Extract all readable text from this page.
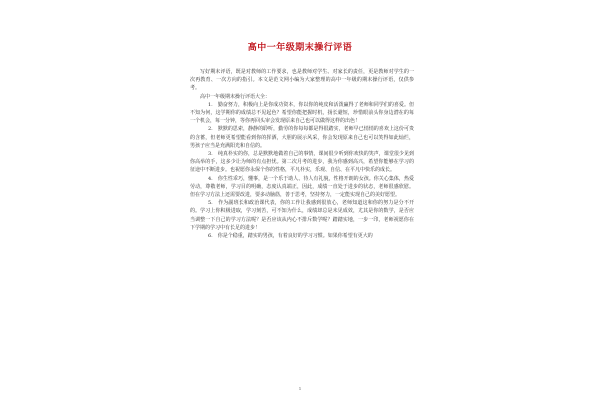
高中一年级期末操行评语

写好期末评语，既是对教师的工作要求，也是教师对学生、对家长的责任，更是教师对学生的一次再教育、一次方向的指引。本文是范文网小编为大家整理的高中一年级的期末操行评语，仅供参考。

高中一年级期末操行评语大全：

1.　勤奋努力，积极向上是你成功资本，你以你的纯皮和活泼赢得了老师和同学们的喜爱。但不知为何，这学期你的成绩总不见起色？希望你能把握时机，扬长避短，珍惜眼前头你身边潜在的每一个机会，每一分钟，等你再回头审会发现原来自己也可以做得这样的出色！

2.　默默的思索，静静的聆听，勤劳的你每每都是得很踏实，老师早已悄悄的喜欢上这份可贵的含蓄，但老师更希望能看到你的挥洒，大胆的展示风采，你会发现原来自己也可以笑得如此灿烂，男孩子应当是充满阳光和自信的。

3.　纯真朴实的你，总是默默地做着自己的事情，课间很少听到你欢快的笑声，课堂很少见到你高举的手，这多少让为师的有点担忧。第二次月考的进步，我为你感到高兴，希望你能够在学习的征途中不断进步。也祝愿你永保个你的性格，平凡朴实，乐观、自信、在平凡中快乐的成长。

4.　你生性乖巧，懂事，是一个乐于助人、待人有礼貌，性格开朗的女孩。你关心集体，热爱劳动，尊敬老师，学习目的明确，态度认真端正，因此，成绩一直处于进步的状态，老师很感欣慰。但在学习方法上还需要改进，要多动脑筋，善于思考，坚持努力，一定能实现自己的美好愿望。

5.　作为副班长和政治课代表，你的工作让我感到很放心，老师知道这和你的努力是分不开的。学习上你积极进取，学习刻苦，可不知为什么，成绩却总是未见成效，尤其是你的数学，是否应当调整一下自己的学习方法呢？是否应该从内心不排斥数学呢？踏踏实地，一步一印，老师祝愿你在下学期的学习中有长足的进步！

6.　你是个稳重，踏实的男孩，有着良好的学习习惯。如果你希望有更大的

1
